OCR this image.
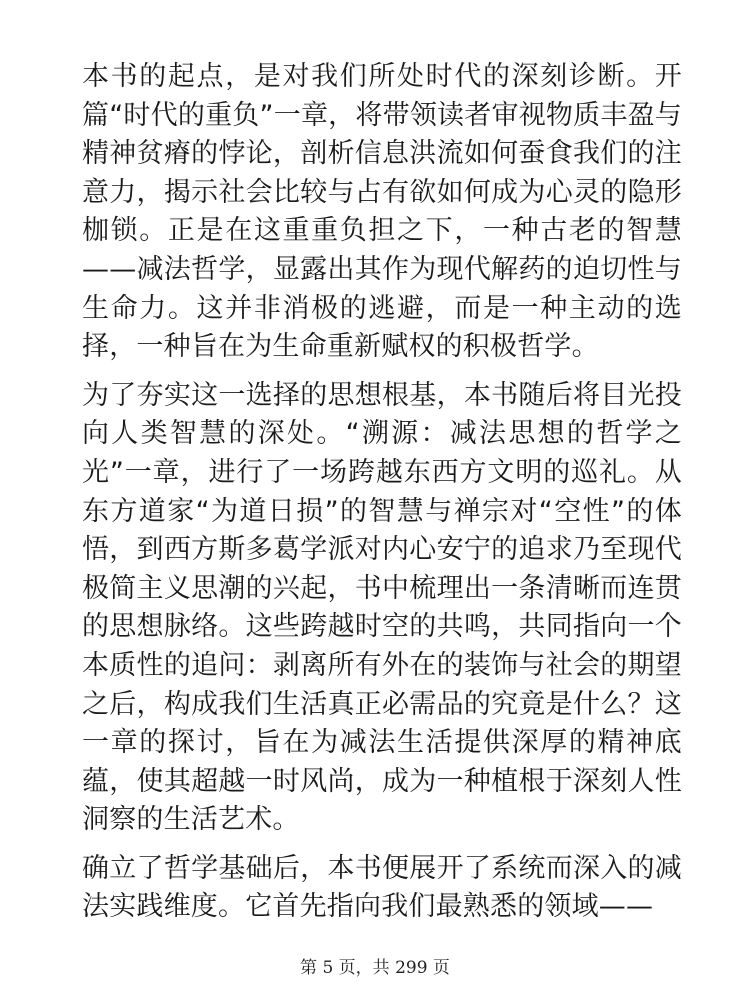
本书的起点，是对我们所处时代的深刻诊断。开篇“时代的重负”一章，将带领读者审视物质丰盈与精神贫瘠的悖论，剖析信息洪流如何蚕食我们的注意力，揭示社会比较与占有欲如何成为心灵的隐形枷锁。正是在这重重负担之下，一种古老的智慧——减法哲学，显露出其作为现代解药的迫切性与生命力。这并非消极的逃避，而是一种主动的选择，一种旨在为生命重新赋权的积极哲学。

为了夯实这一选择的思想根基，本书随后将目光投向人类智慧的深处。“溯源：减法思想的哲学之光”一章，进行了一场跨越东西方文明的巡礼。从东方道家“为道日损”的智慧与禅宗对“空性”的体悟，到西方斯多葛学派对内心安宁的追求乃至现代极简主义思潮的兴起，书中梳理出一条清晰而连贯的思想脉络。这些跨越时空的共鸣，共同指向一个本质性的追问：剥离所有外在的装饰与社会的期望之后，构成我们生活真正必需品的究竟是什么？这一章的探讨，旨在为减法生活提供深厚的精神底蕴，使其超越一时风尚，成为一种植根于深刻人性洞察的生活艺术。

确立了哲学基础后，本书便展开了系统而深入的减法实践维度。它首先指向我们最熟悉的领域——

第 5 页，共 299 页
